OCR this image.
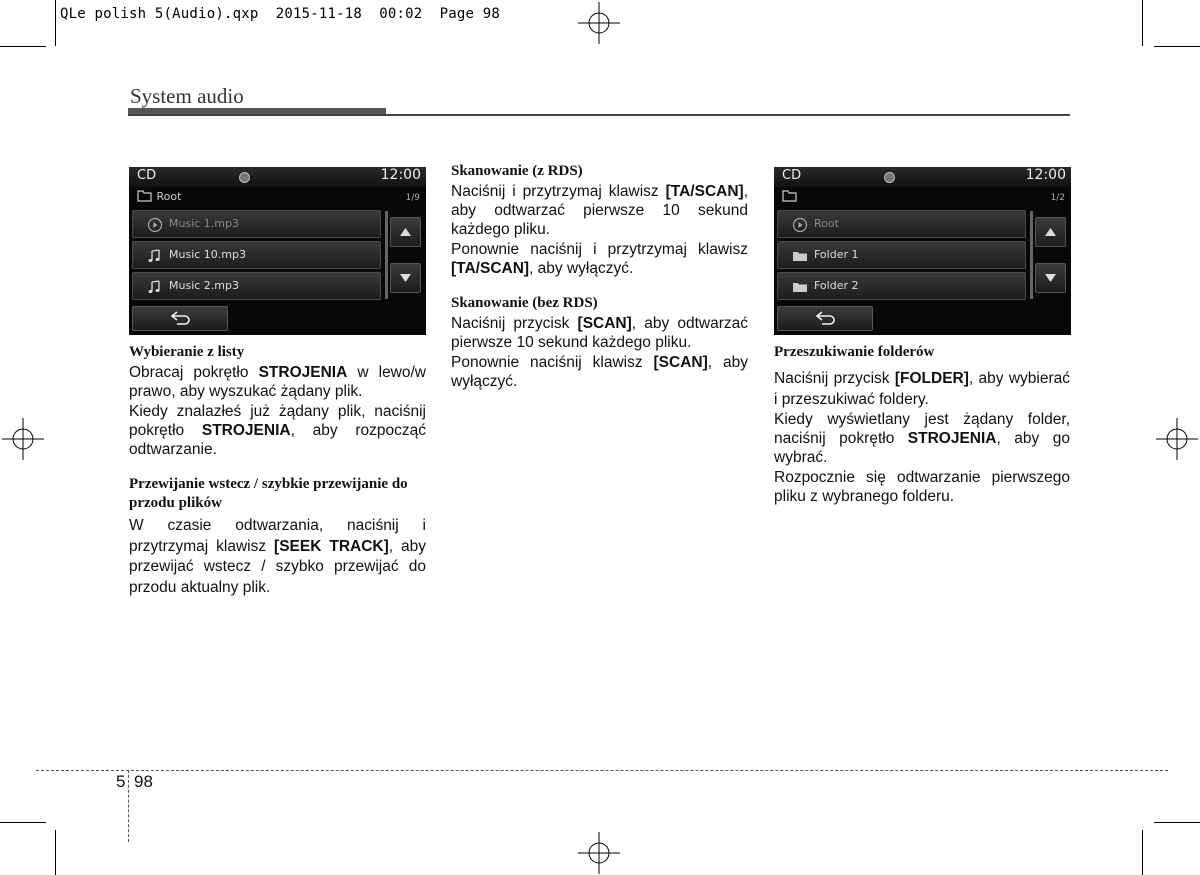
QLe polish 5(Audio).qxp  2015-11-18  00:02  Page 98
System audio
CD	12:00
Root	1/9
Music 1.mp3
Music 10.mp3
Music 2.mp3
CD	12:00
1/2
Root
Folder 1
Folder 2
Wybieranie z listy
Obracaj pokrętło STROJENIA w lewo/w prawo, aby wyszukać żądany plik.
Kiedy znalazłeś już żądany plik, naciśnij pokrętło STROJENIA, aby rozpocząć odtwarzanie.
Przewijanie wstecz / szybkie przewijanie do przodu plików
W czasie odtwarzania, naciśnij i przytrzymaj klawisz [SEEK TRACK], aby przewijać wstecz / szybko przewijać do przodu aktualny plik.
Skanowanie (z RDS)
Naciśnij i przytrzymaj klawisz [TA/SCAN], aby odtwarzać pierwsze 10 sekund każdego pliku.
Ponownie naciśnij i przytrzymaj klawisz [TA/SCAN], aby wyłączyć.
Skanowanie (bez RDS)
Naciśnij przycisk [SCAN], aby odtwarzać pierwsze 10 sekund każdego pliku.
Ponownie naciśnij klawisz [SCAN], aby wyłączyć.
Przeszukiwanie folderów
Naciśnij przycisk [FOLDER], aby wybierać i przeszukiwać foldery.
Kiedy wyświetlany jest żądany folder, naciśnij pokrętło STROJENIA, aby go wybrać.
Rozpocznie się odtwarzanie pierwszego pliku z wybranego folderu.
5 98
